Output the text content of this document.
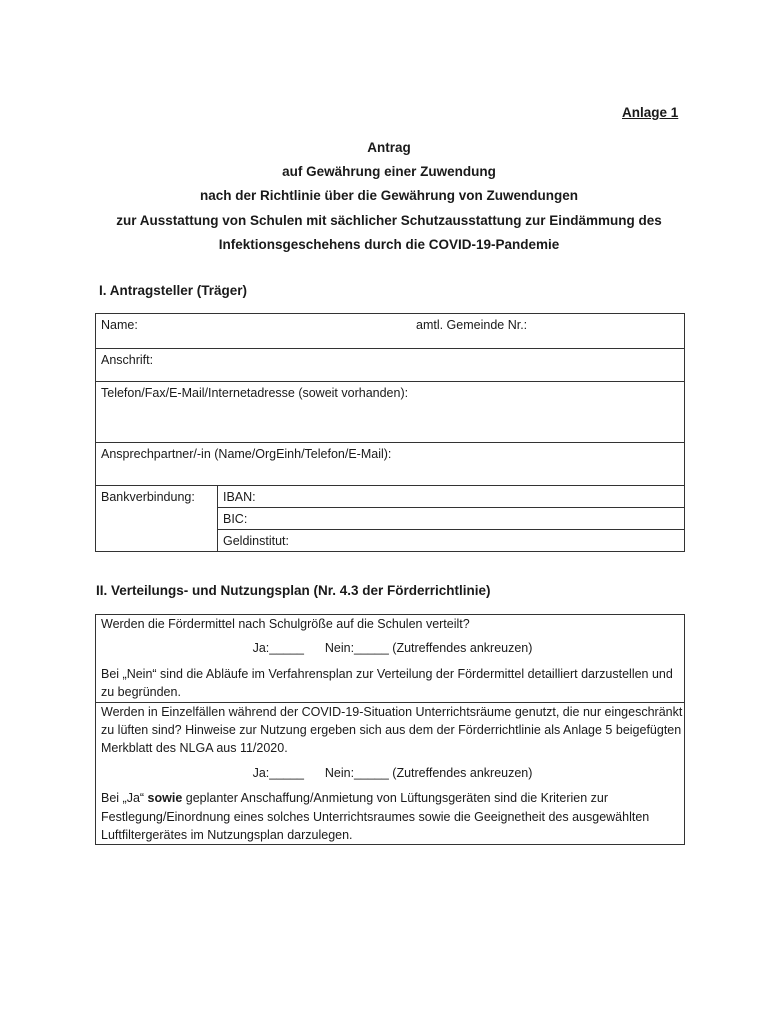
Anlage 1
Antrag
auf Gewährung einer Zuwendung
nach der Richtlinie über die Gewährung von Zuwendungen
zur Ausstattung von Schulen mit sächlicher Schutzausstattung zur Eindämmung des
Infektionsgeschehens durch die COVID-19-Pandemie
I. Antragsteller (Träger)
Name:	amtl. Gemeinde Nr.:

Anschrift:

Telefon/Fax/E-Mail/Internetadresse (soweit vorhanden):

Ansprechpartner/-in (Name/OrgEinh/Telefon/E-Mail):

Bankverbindung:	IBAN:

BIC:

Geldinstitut:
II. Verteilungs- und Nutzungsplan (Nr. 4.3 der Förderrichtlinie)

Werden die Fördermittel nach Schulgröße auf die Schulen verteilt?

Ja:_____ Nein:_____ (Zutreffendes ankreuzen)

Bei „Nein“ sind die Abläufe im Verfahrensplan zur Verteilung der Fördermittel detailliert darzustellen und zu begründen.

Werden in Einzelfällen während der COVID-19-Situation Unterrichtsräume genutzt, die nur eingeschränkt zu lüften sind? Hinweise zur Nutzung ergeben sich aus dem der Förderrichtlinie als Anlage 5 beigefügten Merkblatt des NLGA aus 11/2020.

Ja:_____ Nein:_____ (Zutreffendes ankreuzen)

Bei „Ja“ sowie geplanter Anschaffung/Anmietung von Lüftungsgeräten sind die Kriterien zur Festlegung/Einordnung eines solches Unterrichtsraumes sowie die Geeignetheit des ausgewählten Luftfiltergerätes im Nutzungsplan darzulegen.
